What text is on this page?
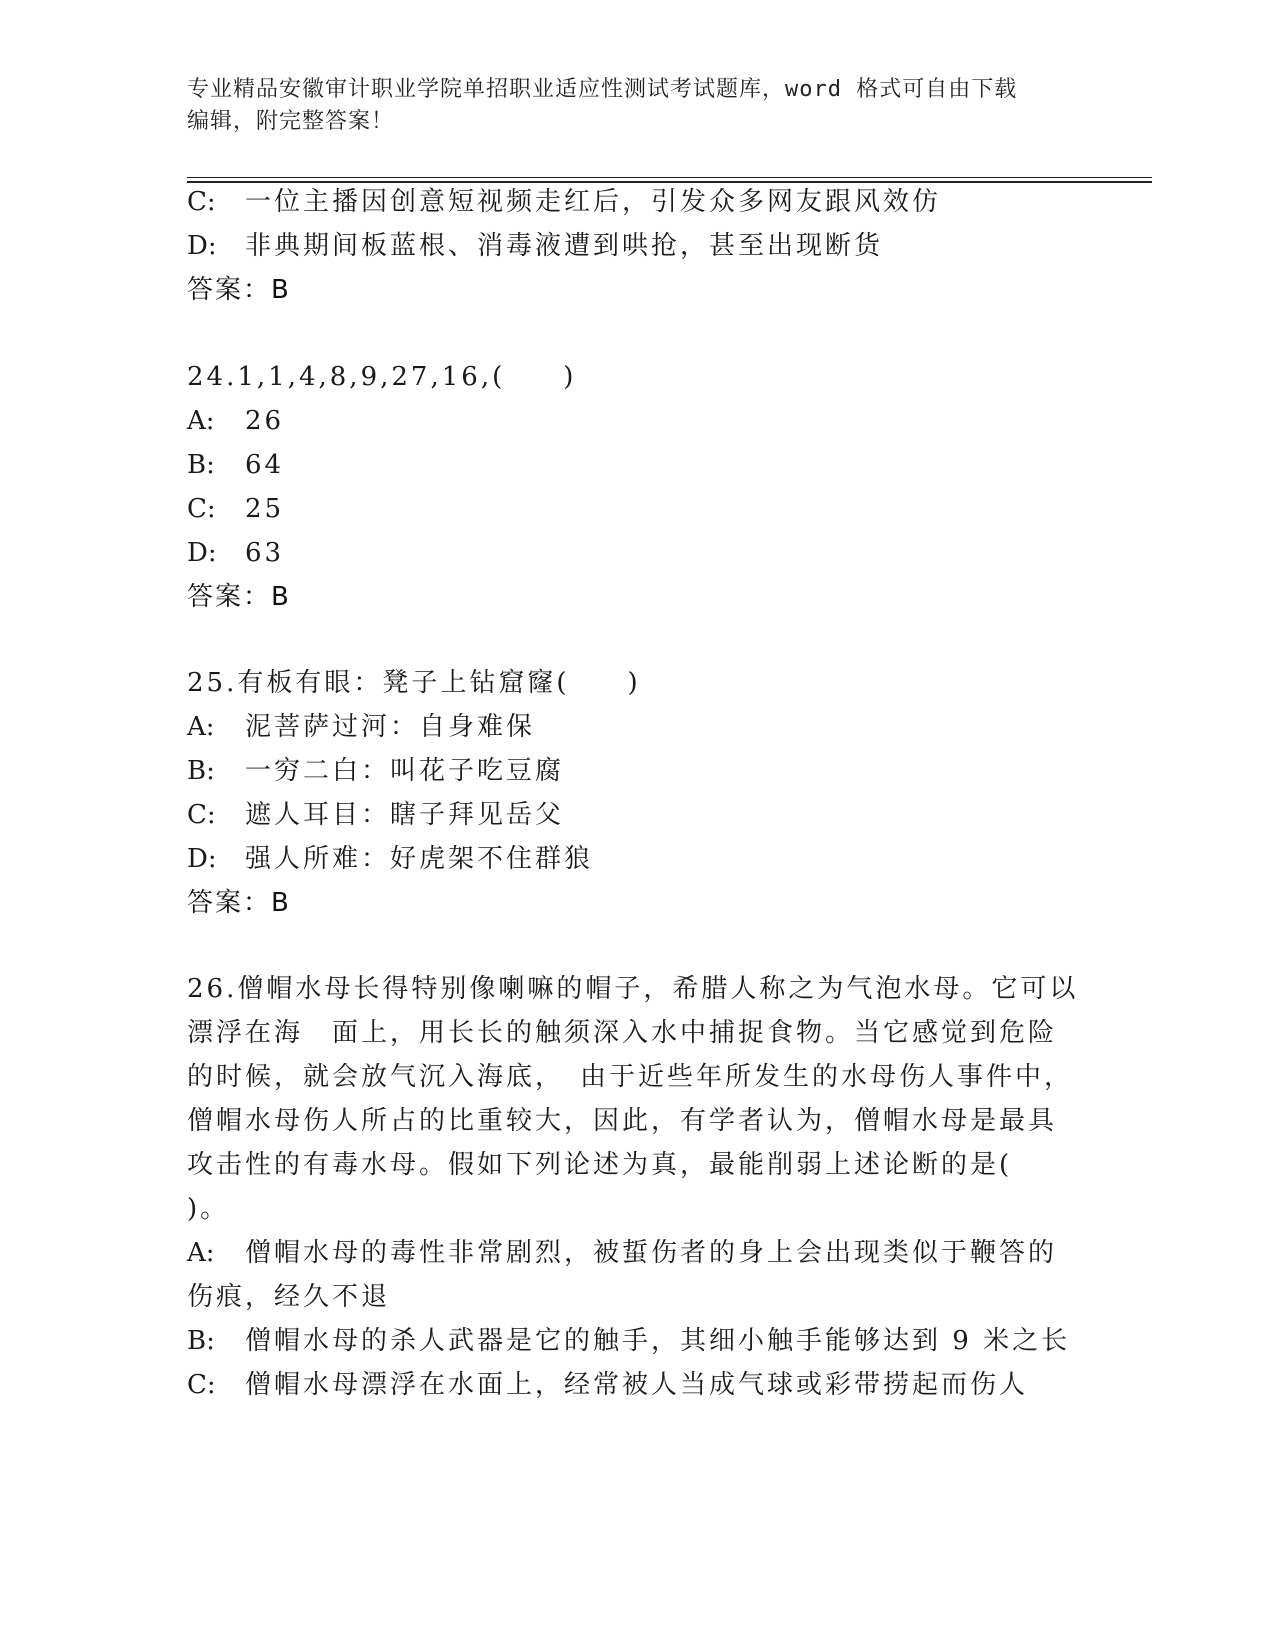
专业精品安徽审计职业学院单招职业适应性测试考试题库，word 格式可自由下载
编辑，附完整答案！
C: 一位主播因创意短视频走红后，引发众多网友跟风效仿
D: 非典期间板蓝根、消毒液遭到哄抢，甚至出现断货
答案：B
24.1,1,4,8,9,27,16,(　　)
A: 26
B: 64
C: 25
D: 63
答案：B
25.有板有眼：凳子上钻窟窿(　　)
A: 泥菩萨过河：自身难保
B: 一穷二白：叫花子吃豆腐
C: 遮人耳目：瞎子拜见岳父
D: 强人所难：好虎架不住群狼
答案：B
26.僧帽水母长得特别像喇嘛的帽子，希腊人称之为气泡水母。它可以
漂浮在海　面上，用长长的触须深入水中捕捉食物。当它感觉到危险
的时候，就会放气沉入海底，　由于近些年所发生的水母伤人事件中，
僧帽水母伤人所占的比重较大，因此，有学者认为，僧帽水母是最具
攻击性的有毒水母。假如下列论述为真，最能削弱上述论断的是(
)。
A: 僧帽水母的毒性非常剧烈，被蜇伤者的身上会出现类似于鞭答的
伤痕，经久不退
B: 僧帽水母的杀人武器是它的触手，其细小触手能够达到 9 米之长
C: 僧帽水母漂浮在水面上，经常被人当成气球或彩带捞起而伤人
